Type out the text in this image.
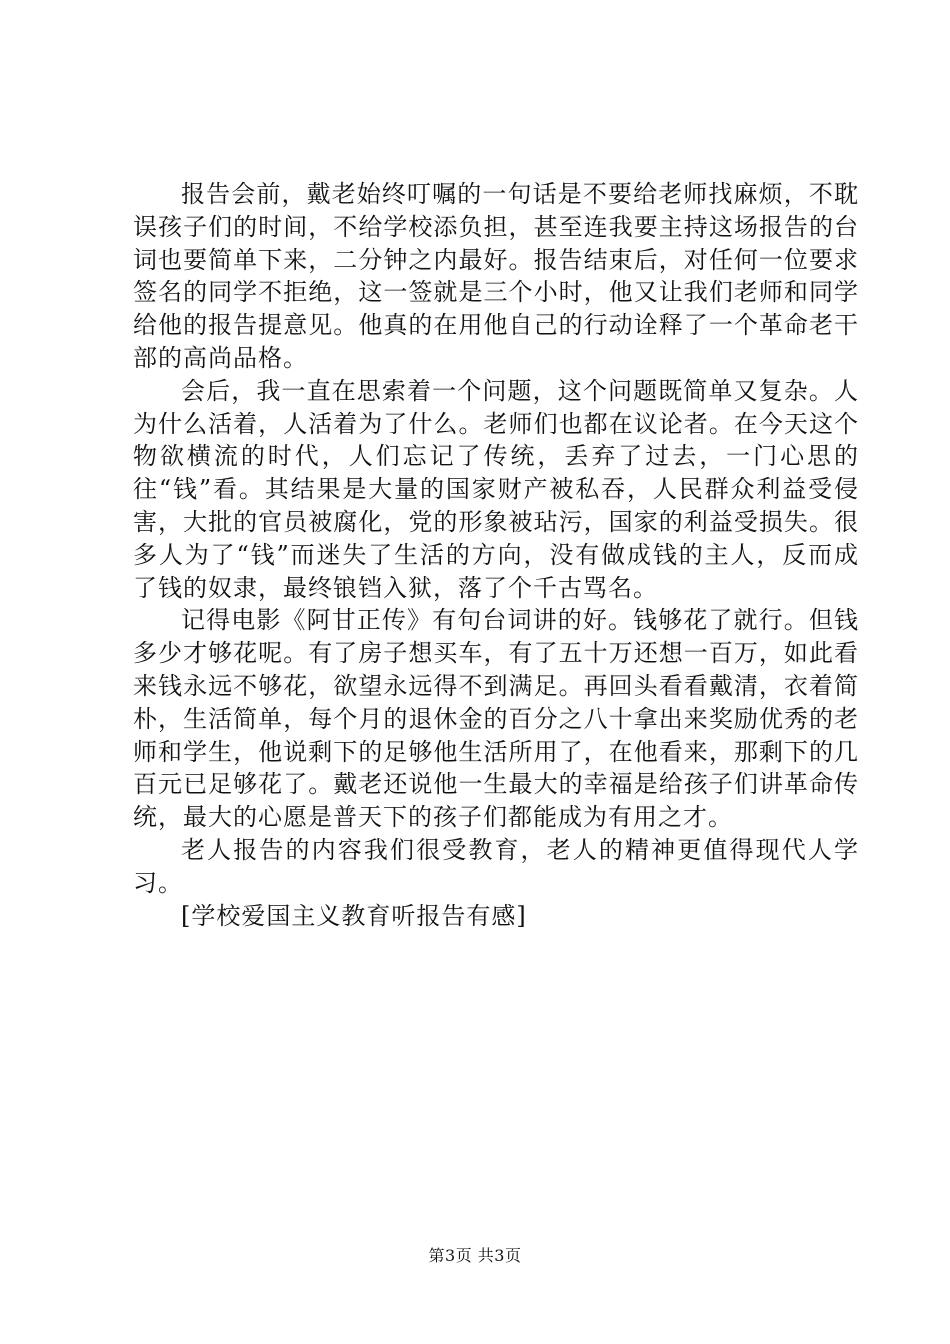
报告会前，戴老始终叮嘱的一句话是不要给老师找麻烦，不耽误孩子们的时间，不给学校添负担，甚至连我要主持这场报告的台词也要简单下来，二分钟之内最好。报告结束后，对任何一位要求签名的同学不拒绝，这一签就是三个小时，他又让我们老师和同学给他的报告提意见。他真的在用他自己的行动诠释了一个革命老干部的高尚品格。

会后，我一直在思索着一个问题，这个问题既简单又复杂。人为什么活着，人活着为了什么。老师们也都在议论者。在今天这个物欲横流的时代，人们忘记了传统，丢弃了过去，一门心思的往“钱”看。其结果是大量的国家财产被私吞，人民群众利益受侵害，大批的官员被腐化，党的形象被玷污，国家的利益受损失。很多人为了“钱”而迷失了生活的方向，没有做成钱的主人，反而成了钱的奴隶，最终锒铛入狱，落了个千古骂名。

记得电影《阿甘正传》有句台词讲的好。钱够花了就行。但钱多少才够花呢。有了房子想买车，有了五十万还想一百万，如此看来钱永远不够花，欲望永远得不到满足。再回头看看戴清，衣着简朴，生活简单，每个月的退休金的百分之八十拿出来奖励优秀的老师和学生，他说剩下的足够他生活所用了，在他看来，那剩下的几百元已足够花了。戴老还说他一生最大的幸福是给孩子们讲革命传统，最大的心愿是普天下的孩子们都能成为有用之才。

老人报告的内容我们很受教育，老人的精神更值得现代人学习。

[学校爱国主义教育听报告有感]

第3页 共3页
